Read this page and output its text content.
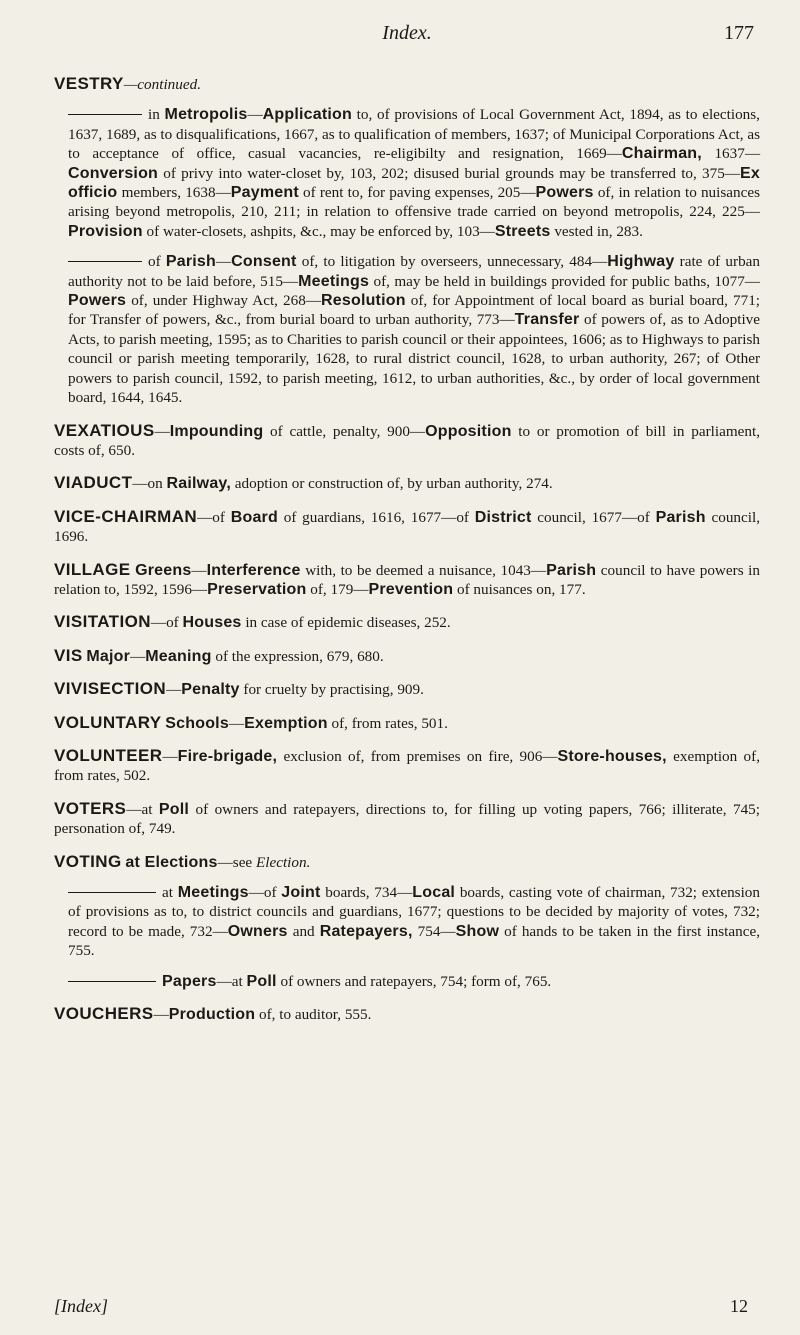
Index.	177

VESTRY—continued.

in Metropolis—Application to, of provisions of Local Government Act, 1894, as to elections, 1637, 1689, as to disqualifications, 1667, as to qualification of members, 1637; of Municipal Corporations Act, as to acceptance of office, casual vacancies, re-eligibilty and resignation, 1669—Chairman, 1637—Conversion of privy into water-closet by, 103, 202; disused burial grounds may be transferred to, 375—Ex officio members, 1638—Payment of rent to, for paving expenses, 205—Powers of, in relation to nuisances arising beyond metropolis, 210, 211; in relation to offensive trade carried on beyond metropolis, 224, 225—Provision of water-closets, ashpits, &c., may be enforced by, 103—Streets vested in, 283.

of Parish—Consent of, to litigation by overseers, unnecessary, 484—Highway rate of urban authority not to be laid before, 515—Meetings of, may be held in buildings provided for public baths, 1077—Powers of, under Highway Act, 268—Resolution of, for Appointment of local board as burial board, 771; for Transfer of powers, &c., from burial board to urban authority, 773—Transfer of powers of, as to Adoptive Acts, to parish meeting, 1595; as to Charities to parish council or their appointees, 1606; as to Highways to parish council or parish meeting temporarily, 1628, to rural district council, 1628, to urban authority, 267; of Other powers to parish council, 1592, to parish meeting, 1612, to urban authorities, &c., by order of local government board, 1644, 1645.

VEXATIOUS—Impounding of cattle, penalty, 900—Opposition to or promotion of bill in parliament, costs of, 650.

VIADUCT—on Railway, adoption or construction of, by urban authority, 274.

VICE-CHAIRMAN—of Board of guardians, 1616, 1677—of District council, 1677—of Parish council, 1696.

VILLAGE Greens—Interference with, to be deemed a nuisance, 1043—Parish council to have powers in relation to, 1592, 1596—Preservation of, 179—Prevention of nuisances on, 177.

VISITATION—of Houses in case of epidemic diseases, 252.

VIS Major—Meaning of the expression, 679, 680.

VIVISECTION—Penalty for cruelty by practising, 909.

VOLUNTARY Schools—Exemption of, from rates, 501.

VOLUNTEER—Fire-brigade, exclusion of, from premises on fire, 906—Store-houses, exemption of, from rates, 502.

VOTERS—at Poll of owners and ratepayers, directions to, for filling up voting papers, 766; illiterate, 745; personation of, 749.

VOTING at Elections—see Election.

at Meetings—of Joint boards, 734—Local boards, casting vote of chairman, 732; extension of provisions as to, to district councils and guardians, 1677; questions to be decided by majority of votes, 732; record to be made, 732—Owners and Ratepayers, 754—Show of hands to be taken in the first instance, 755.

Papers—at Poll of owners and ratepayers, 754; form of, 765.

VOUCHERS—Production of, to auditor, 555.

[Index]	12
